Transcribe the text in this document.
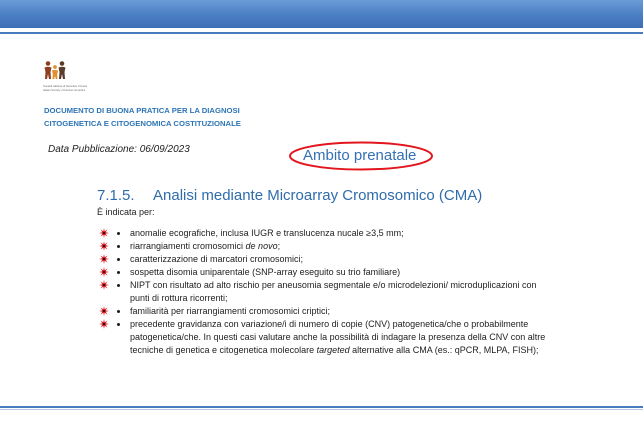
Società Italiana di Genetica Umana
Italian Society of Human Genetics
DOCUMENTO DI BUONA PRATICA PER LA DIAGNOSI
CITOGENETICA E CITOGENOMICA COSTITUZIONALE
Data Pubblicazione: 06/09/2023	Ambito prenatale
7.1.5. Analisi mediante Microarray Cromosomico (CMA)
È indicata per:
anomalie ecografiche, inclusa IUGR e translucenza nucale ≥3,5 mm;
riarrangiamenti cromosomici de novo;
caratterizzazione di marcatori cromosomici;
sospetta disomia uniparentale (SNP-array eseguito su trio familiare)
NIPT con risultato ad alto rischio per aneusomia segmentale e/o microdelezioni/ microduplicazioni con
punti di rottura ricorrenti;
familiarità per riarrangiamenti cromosomici criptici;
precedente gravidanza con variazione/i di numero di copie (CNV) patogenetica/che o probabilmente
patogenetica/che. In questi casi valutare anche la possibilità di indagare la presenza della CNV con altre
tecniche di genetica e citogenetica molecolare targeted alternative alla CMA (es.: qPCR, MLPA, FISH);
